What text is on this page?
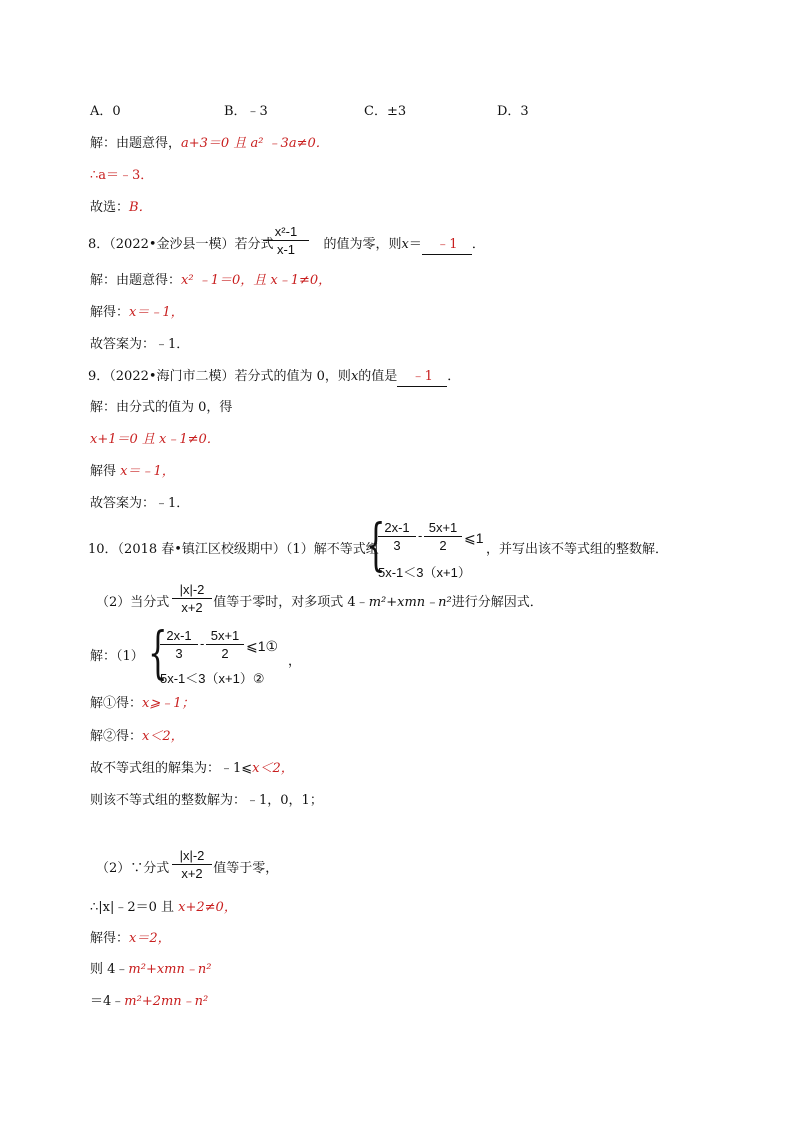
A．0	B．﹣3	C．±3	D．3
解：由题意得，a+3＝0 且 a² ﹣3a≠0．
∴a＝﹣3．
故选：B．
8．（2022•金沙县一模）若分式	的值为零，则x＝ ﹣1 ．
x²-1
x-1
解：由题意得：x² ﹣1＝0，且 x﹣1≠0，
解得：x＝﹣1，
故答案为：﹣1．
9．（2022•海门市二模）若分式的值为 0，则x的值是 ﹣1 ．
解：由分式的值为 0，得
x+1＝0 且 x﹣1≠0．
解得 x＝﹣1，
故答案为：﹣1．
10．（2018 春•镇江区校级期中）（1）解不等式组
{
2x-1
3
-
5x+1
2	⩽1
5x-1＜3（x+1）
，并写出该不等式组的整数解．
（2）当分式	值等于零时，对多项式 4﹣m²+xmn﹣n²进行分解因式．
|x|-2
x+2
解：（1） {
2x-1
3
-
5x+1
2	⩽1①
5x-1＜3（x+1）②
，
解①得：x⩾﹣1；
解②得：x＜2，
故不等式组的解集为：﹣1⩽x＜2，
则该不等式组的整数解为：﹣1，0，1；
（2）∵分式	值等于零，
|x|-2
x+2
∴|x|﹣2＝0 且 x+2≠0，
解得：x＝2，
则 4﹣m²+xmn﹣n²
＝4﹣m²+2mn﹣n²
